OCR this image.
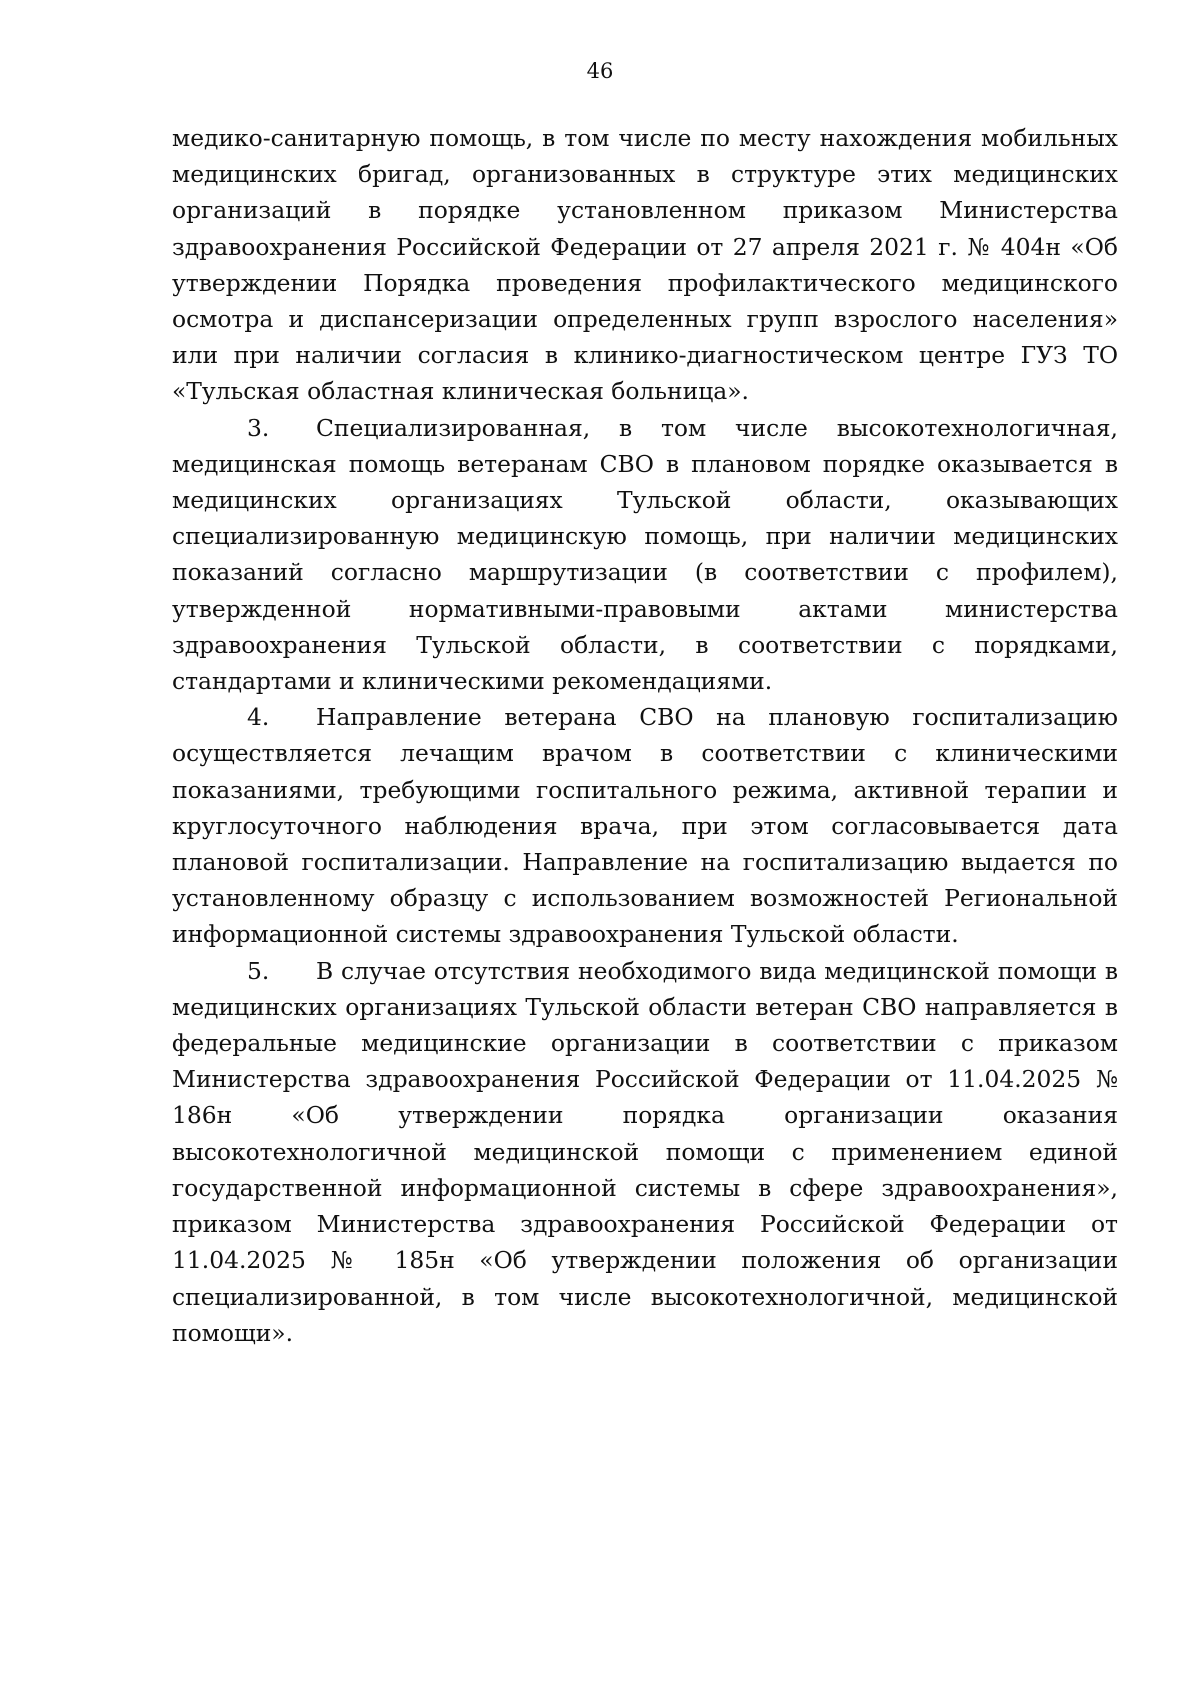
46

медико-санитарную помощь, в том числе по месту нахождения мобильных медицинских бригад, организованных в структуре этих медицинских организаций в порядке установленном приказом Министерства здравоохранения Российской Федерации от 27 апреля 2021 г. № 404н «Об утверждении Порядка проведения профилактического медицинского осмотра и диспансеризации определенных групп взрослого населения» или при наличии согласия в клинико-диагностическом центре ГУЗ ТО «Тульская областная клиническая больница».

3. Специализированная, в том числе высокотехнологичная, медицинская помощь ветеранам СВО в плановом порядке оказывается в медицинских организациях Тульской области, оказывающих специализированную медицинскую помощь, при наличии медицинских показаний согласно маршрутизации (в соответствии с профилем), утвержденной нормативными-правовыми актами министерства здравоохранения Тульской области, в соответствии с порядками, стандартами и клиническими рекомендациями.

4. Направление ветерана СВО на плановую госпитализацию осуществляется лечащим врачом в соответствии с клиническими показаниями, требующими госпитального режима, активной терапии и круглосуточного наблюдения врача, при этом согласовывается дата плановой госпитализации. Направление на госпитализацию выдается по установленному образцу с использованием возможностей Региональной информационной системы здравоохранения Тульской области.

5. В случае отсутствия необходимого вида медицинской помощи в медицинских организациях Тульской области ветеран СВО направляется в федеральные медицинские организации в соответствии с приказом Министерства здравоохранения Российской Федерации от 11.04.2025 № 186н «Об утверждении порядка организации оказания высокотехнологичной медицинской помощи с применением единой государственной информационной системы в сфере здравоохранения», приказом Министерства здравоохранения Российской Федерации от 11.04.2025 № 185н «Об утверждении положения об организации специализированной, в том числе высокотехнологичной, медицинской помощи».
